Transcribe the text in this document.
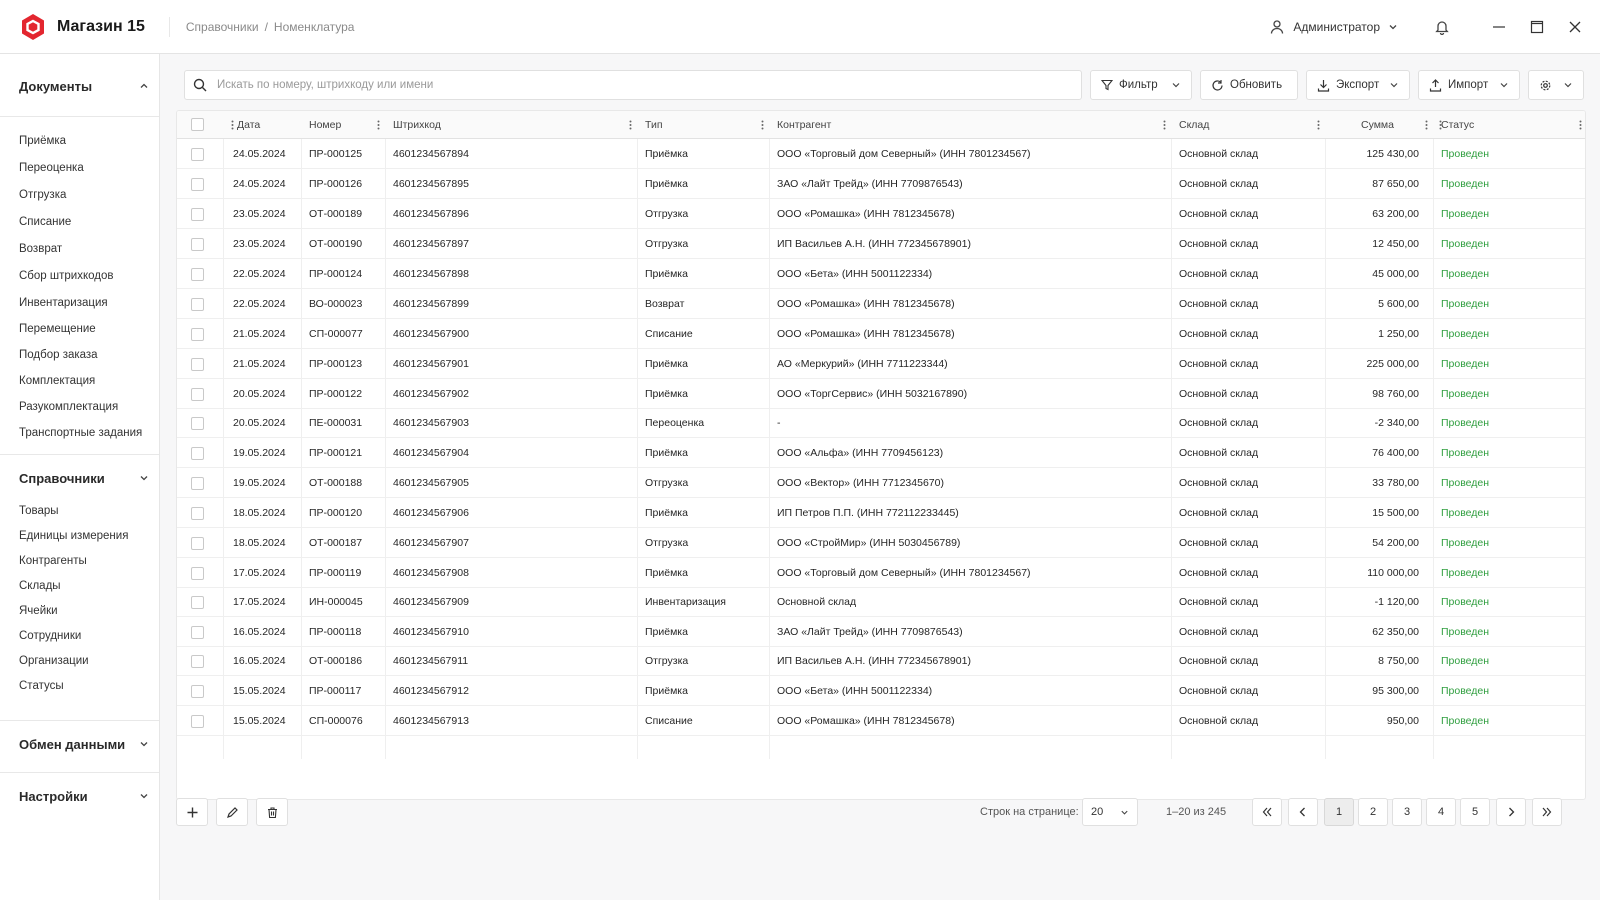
Магазин 15	Справочники / Номенклатура	Администратор
Документы
Приёмка
Переоценка
Отгрузка
Списание
Возврат
Сбор штрихкодов
Инвентаризация
Перемещение
Подбор заказа
Комплектация
Разукомплектация
Транспортные задания
Справочники
Товары
Единицы измерения
Контрагенты
Склады
Ячейки
Сотрудники
Организации
Статусы
Обмен данными
Настройки
Искать по номеру, штрихкоду или имени
Фильтр	Обновить	Экспорт	Импорт
Дата	Номер	Штрихкод	Тип	Контрагент	Склад	Сумма	Статус
24.05.2024 ПР-000125	4601234567894	Приёмка	ООО «Торговый дом Северный» (ИНН 7801234567)	Основной склад	125 430,00 Проведен
24.05.2024 ПР-000126	4601234567895	Приёмка	ЗАО «Лайт Трейд» (ИНН 7709876543)	Основной склад	87 650,00 Проведен
23.05.2024 ОТ-000189	4601234567896	Отгрузка	ООО «Ромашка» (ИНН 7812345678)	Основной склад	63 200,00 Проведен
23.05.2024 ОТ-000190	4601234567897	Отгрузка	ИП Васильев А.Н. (ИНН 772345678901)	Основной склад	12 450,00 Проведен
22.05.2024 ПР-000124	4601234567898	Приёмка	ООО «Бета» (ИНН 5001122334)	Основной склад	45 000,00 Проведен
22.05.2024 ВО-000023	4601234567899	Возврат	ООО «Ромашка» (ИНН 7812345678)	Основной склад	5 600,00 Проведен
21.05.2024 СП-000077	4601234567900	Списание	ООО «Ромашка» (ИНН 7812345678)	Основной склад	1 250,00 Проведен
21.05.2024 ПР-000123	4601234567901	Приёмка	АО «Меркурий» (ИНН 7711223344)	Основной склад	225 000,00 Проведен
20.05.2024 ПР-000122	4601234567902	Приёмка	ООО «ТоргСервис» (ИНН 5032167890)	Основной склад	98 760,00 Проведен
20.05.2024 ПЕ-000031	4601234567903	Переоценка	-	Основной склад	-2 340,00 Проведен
19.05.2024 ПР-000121	4601234567904	Приёмка	ООО «Альфа» (ИНН 7709456123)	Основной склад	76 400,00 Проведен
19.05.2024 ОТ-000188	4601234567905	Отгрузка	ООО «Вектор» (ИНН 7712345670)	Основной склад	33 780,00 Проведен
18.05.2024 ПР-000120	4601234567906	Приёмка	ИП Петров П.П. (ИНН 772112233445)	Основной склад	15 500,00 Проведен
18.05.2024 ОТ-000187	4601234567907	Отгрузка	ООО «СтройМир» (ИНН 5030456789)	Основной склад	54 200,00 Проведен
17.05.2024 ПР-000119	4601234567908	Приёмка	ООО «Торговый дом Северный» (ИНН 7801234567)	Основной склад	110 000,00 Проведен
17.05.2024 ИН-000045	4601234567909	Инвентаризация	Основной склад	Основной склад	-1 120,00 Проведен
16.05.2024 ПР-000118	4601234567910	Приёмка	ЗАО «Лайт Трейд» (ИНН 7709876543)	Основной склад	62 350,00 Проведен
16.05.2024 ОТ-000186	4601234567911	Отгрузка	ИП Васильев А.Н. (ИНН 772345678901)	Основной склад	8 750,00 Проведен
15.05.2024 ПР-000117	4601234567912	Приёмка	ООО «Бета» (ИНН 5001122334)	Основной склад	95 300,00 Проведен
15.05.2024 СП-000076	4601234567913	Списание	ООО «Ромашка» (ИНН 7812345678)	Основной склад	950,00 Проведен
Строк на странице: 20	1–20 из 245	1	2	3	4	5
